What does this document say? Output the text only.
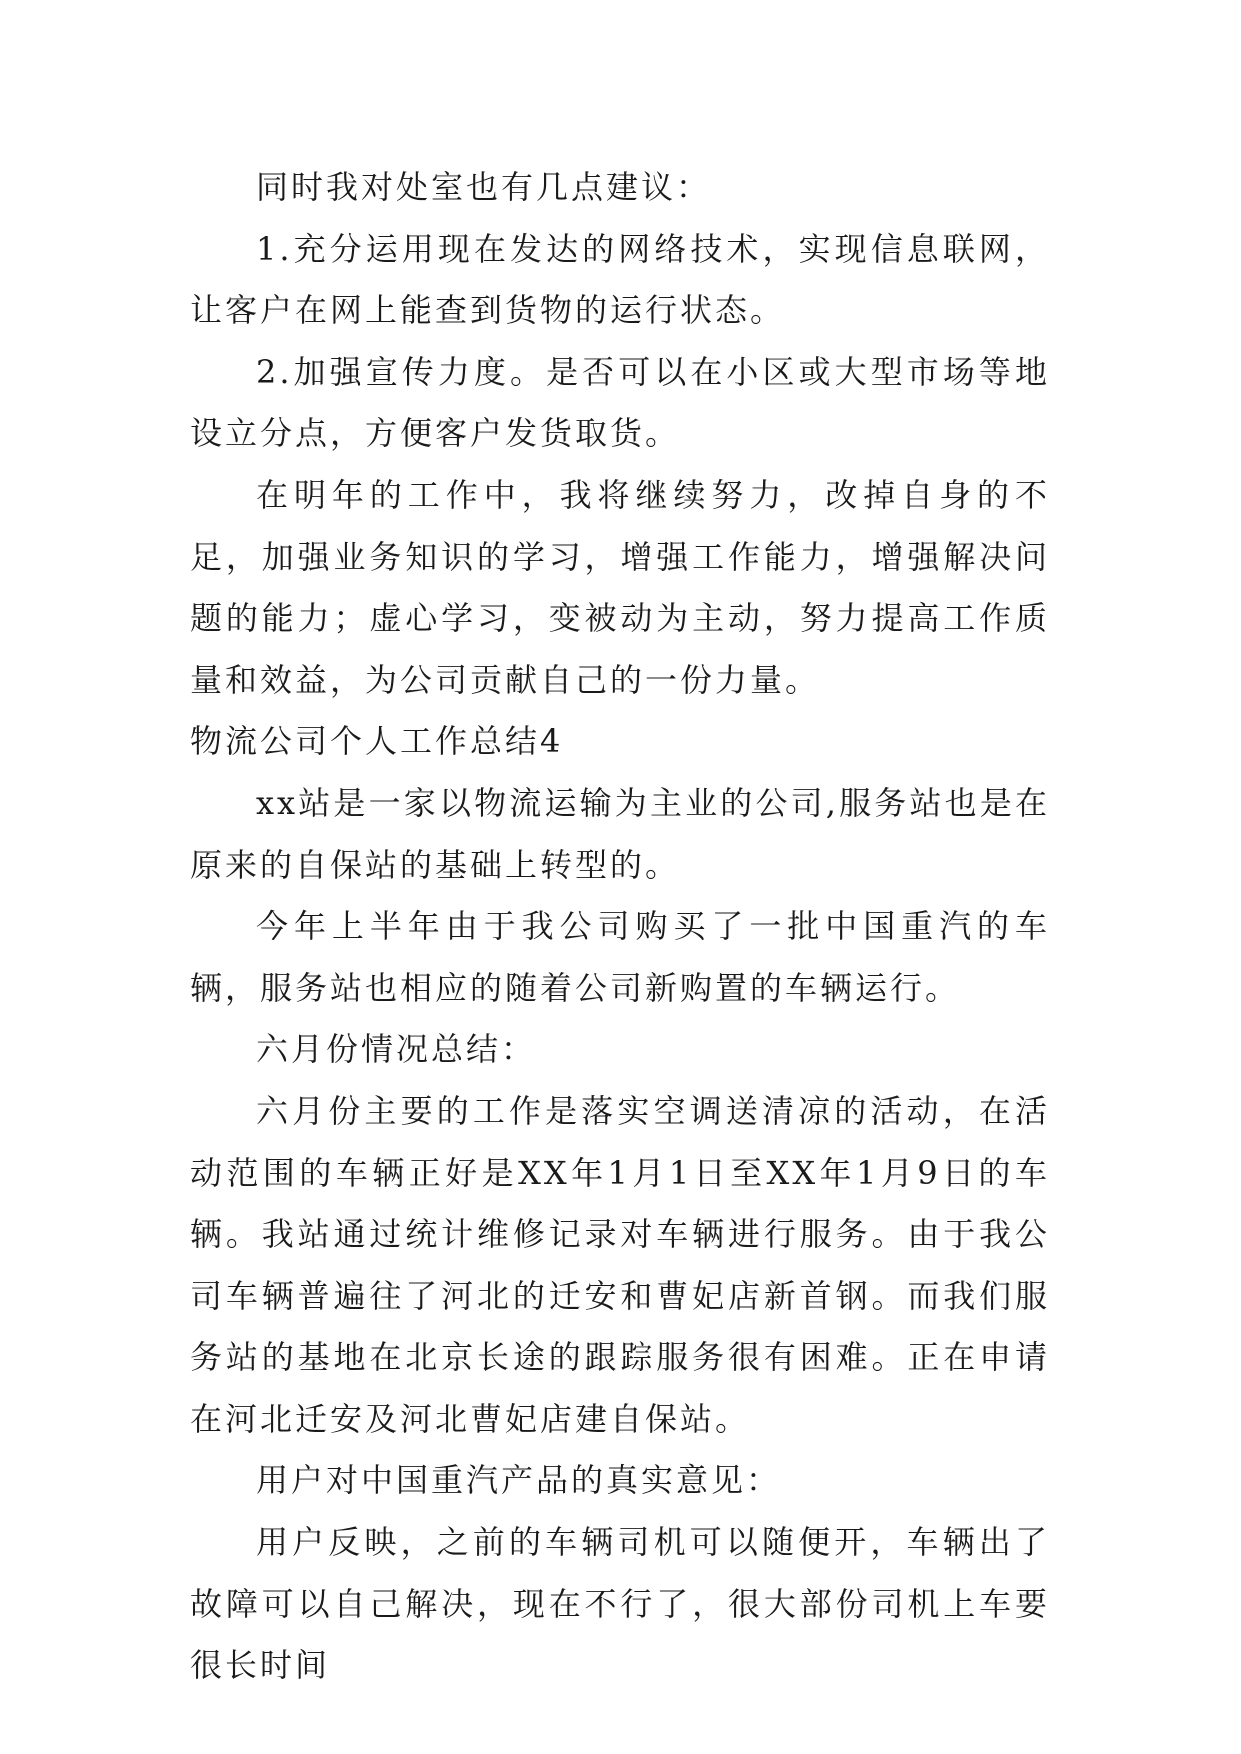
同时我对处室也有几点建议：

1.充分运用现在发达的网络技术，实现信息联网，让客户在网上能查到货物的运行状态。

2.加强宣传力度。是否可以在小区或大型市场等地设立分点，方便客户发货取货。

在明年的工作中，我将继续努力，改掉自身的不足，加强业务知识的学习，增强工作能力，增强解决问题的能力；虚心学习，变被动为主动，努力提高工作质量和效益，为公司贡献自己的一份力量。

物流公司个人工作总结4

xx站是一家以物流运输为主业的公司,服务站也是在原来的自保站的基础上转型的。

今年上半年由于我公司购买了一批中国重汽的车辆，服务站也相应的随着公司新购置的车辆运行。

六月份情况总结：

六月份主要的工作是落实空调送清凉的活动，在活动范围的车辆正好是XX年1月1日至XX年1月9日的车辆。我站通过统计维修记录对车辆进行服务。由于我公司车辆普遍往了河北的迁安和曹妃店新首钢。而我们服务站的基地在北京长途的跟踪服务很有困难。正在申请在河北迁安及河北曹妃店建自保站。

用户对中国重汽产品的真实意见：

用户反映，之前的车辆司机可以随便开，车辆出了故障可以自己解决，现在不行了，很大部份司机上车要很长时间
